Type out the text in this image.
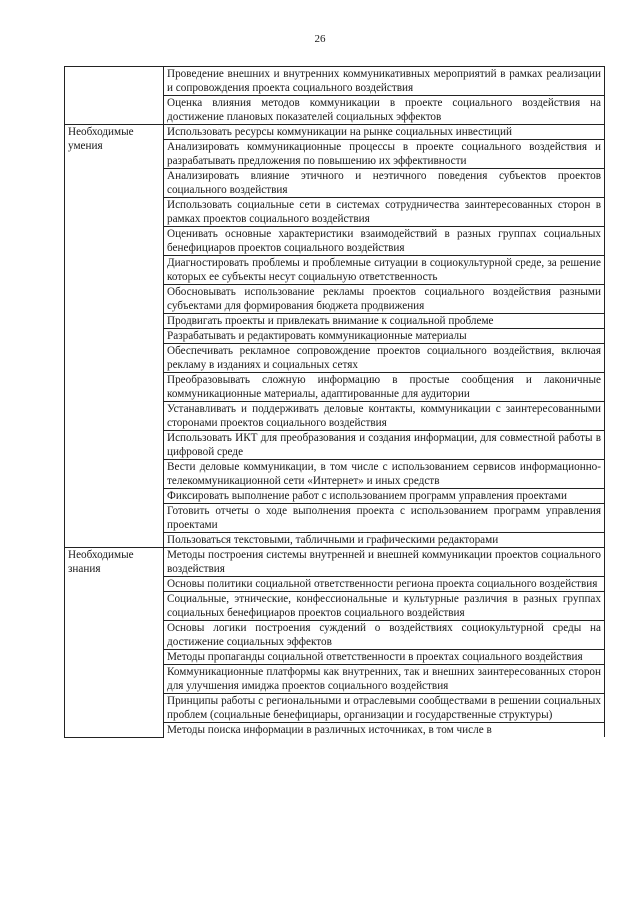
26
	Проведение внешних и внутренних коммуникативных мероприятий в рамках реализации и сопровождения проекта социального воздействия
	Оценка влияния методов коммуникации в проекте социального воздействия на достижение плановых показателей социальных эффектов
Необходимые умения	Использовать ресурсы коммуникации на рынке социальных инвестиций
	Анализировать коммуникационные процессы в проекте социального воздействия и разрабатывать предложения по повышению их эффективности
	Анализировать влияние этичного и неэтичного поведения субъектов проектов социального воздействия
	Использовать социальные сети в системах сотрудничества заинтересованных сторон в рамках проектов социального воздействия
	Оценивать основные характеристики взаимодействий в разных группах социальных бенефициаров проектов социального воздействия
	Диагностировать проблемы и проблемные ситуации в социокультурной среде, за решение которых ее субъекты несут социальную ответственность
	Обосновывать использование рекламы проектов социального воздействия разными субъектами для формирования бюджета продвижения
	Продвигать проекты и привлекать внимание к социальной проблеме
	Разрабатывать и редактировать коммуникационные материалы
	Обеспечивать рекламное сопровождение проектов социального воздействия, включая рекламу в изданиях и социальных сетях
	Преобразовывать сложную информацию в простые сообщения и лаконичные коммуникационные материалы, адаптированные для аудитории
	Устанавливать и поддерживать деловые контакты, коммуникации с заинтересованными сторонами проектов социального воздействия
	Использовать ИКТ для преобразования и создания информации, для совместной работы в цифровой среде
	Вести деловые коммуникации, в том числе с использованием сервисов информационно-телекоммуникационной сети «Интернет» и иных средств
	Фиксировать выполнение работ с использованием программ управления проектами
	Готовить отчеты о ходе выполнения проекта с использованием программ управления проектами
	Пользоваться текстовыми, табличными и графическими редакторами
Необходимые знания	Методы построения системы внутренней и внешней коммуникации проектов социального воздействия
	Основы политики социальной ответственности региона проекта социального воздействия
	Социальные, этнические, конфессиональные и культурные различия в разных группах социальных бенефициаров проектов социального воздействия
	Основы логики построения суждений о воздействиях социокультурной среды на достижение социальных эффектов
	Методы пропаганды социальной ответственности в проектах социального воздействия
	Коммуникационные платформы как внутренних, так и внешних заинтересованных сторон для улучшения имиджа проектов социального воздействия
	Принципы работы с региональными и отраслевыми сообществами в решении социальных проблем (социальные бенефициары, организации и государственные структуры)
	Методы поиска информации в различных источниках, в том числе в
